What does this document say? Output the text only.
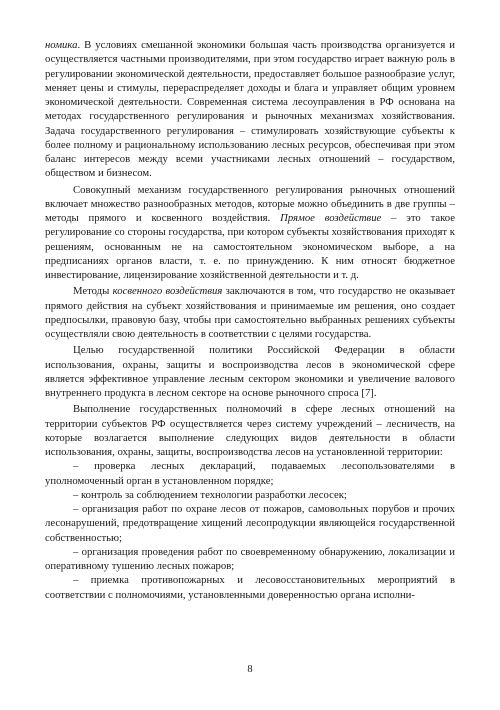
номика. В условиях смешанной экономики большая часть производства организуется и осуществляется частными производителями, при этом государство играет важную роль в регулировании экономической деятельности, предоставляет большое разнообразие услуг, меняет цены и стимулы, перераспределяет доходы и блага и управляет общим уровнем экономической деятельности. Современная система лесоуправления в РФ основана на методах государственного регулирования и рыночных механизмах хозяйствования. Задача государственного регулирования – стимулировать хозяйствующие субъекты к более полному и рациональному использованию лесных ресурсов, обеспечивая при этом баланс интересов между всеми участниками лесных отношений – государством, обществом и бизнесом.

Совокупный механизм государственного регулирования рыночных отношений включает множество разнообразных методов, которые можно объединить в две группы – методы прямого и косвенного воздействия. Прямое воздействие – это такое регулирование со стороны государства, при котором субъекты хозяйствования приходят к решениям, основанным не на самостоятельном экономическом выборе, а на предписаниях органов власти, т. е. по принуждению. К ним относят бюджетное инвестирование, лицензирование хозяйственной деятельности и т. д.

Методы косвенного воздействия заключаются в том, что государство не оказывает прямого действия на субъект хозяйствования и принимаемые им решения, оно создает предпосылки, правовую базу, чтобы при самостоятельно выбранных решениях субъекты осуществляли свою деятельность в соответствии с целями государства.

Целью государственной политики Российской Федерации в области использования, охраны, защиты и воспроизводства лесов в экономической сфере является эффективное управление лесным сектором экономики и увеличение валового внутреннего продукта в лесном секторе на основе рыночного спроса [7].

Выполнение государственных полномочий в сфере лесных отношений на территории субъектов РФ осуществляется через систему учреждений – лесничеств, на которые возлагается выполнение следующих видов деятельности в области использования, охраны, защиты, воспроизводства лесов на установленной территории:

– проверка лесных деклараций, подаваемых лесопользователями в уполномоченный орган в установленном порядке;

– контроль за соблюдением технологии разработки лесосек;

– организация работ по охране лесов от пожаров, самовольных порубов и прочих лесонарушений, предотвращение хищений лесопродукции являющейся государственной собственностью;

– организация проведения работ по своевременному обнаружению, локализации и оперативному тушению лесных пожаров;

– приемка противопожарных и лесовосстановительных мероприятий в соответствии с полномочиями, установленными доверенностью органа исполни-

8
